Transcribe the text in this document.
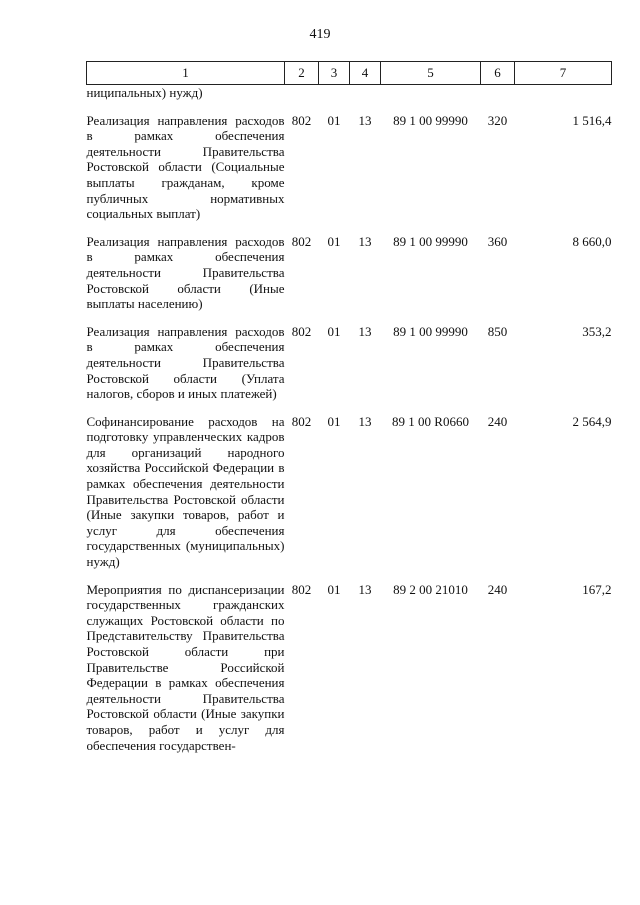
419
1	2	3	4	5	6	7
ниципальных) нужд)						
Реализация направления расходов в рамках обеспечения деятельности Правительства Ростовской области (Социальные выплаты гражданам, кроме публичных нормативных социальных выплат)	802	01	13	89 1 00 99990	320	1 516,4
Реализация направления расходов в рамках обеспечения деятельности Правительства Ростовской области (Иные выплаты населению)	802	01	13	89 1 00 99990	360	8 660,0
Реализация направления расходов в рамках обеспечения деятельности Правительства Ростовской области (Уплата налогов, сборов и иных платежей)	802	01	13	89 1 00 99990	850	353,2
Софинансирование расходов на подготовку управленческих кадров для организаций народного хозяйства Российской Федерации в рамках обеспечения деятельности Правительства Ростовской области (Иные закупки товаров, работ и услуг для обеспечения государственных (муниципальных) нужд)	802	01	13	89 1 00 R0660	240	2 564,9
Мероприятия по диспансеризации государственных гражданских служащих Ростовской области по Представительству Правительства Ростовской области при Правительстве Российской Федерации в рамках обеспечения деятельности Правительства Ростовской области (Иные закупки товаров, работ и услуг для обеспечения государствен-	802	01	13	89 2 00 21010	240	167,2
